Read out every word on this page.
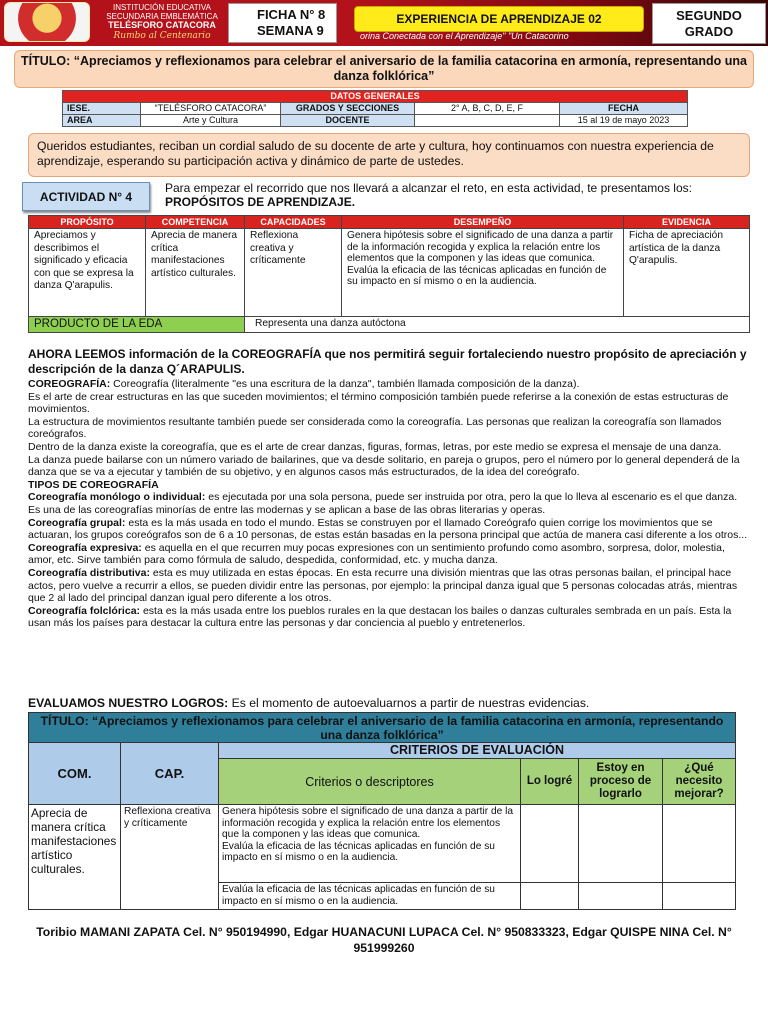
INSTITUCIÓN EDUCATIVA
SECUNDARIA EMBLEMÁTICA
TELÉSFORO CATACORA
Rumbo al Centenario
FICHA N° 8
SEMANA 9
EXPERIENCIA DE APRENDIZAJE 02
orina Conectada con el Aprendizaje" "Un Catacorino
SEGUNDO
GRADO
TÍTULO: “Apreciamos y reflexionamos para celebrar el aniversario de la familia catacorina en armonía, representando una danza folklórica”
DATOS GENERALES				
IESE.	“TELÉSFORO CATACORA”	GRADOS Y SECCIONES	2° A, B, C, D, E, F	FECHA
AREA	Arte y Cultura	DOCENTE		15 al 19 de mayo 2023
Queridos estudiantes, reciban un cordial saludo de su docente de arte y cultura, hoy continuamos con nuestra experiencia de aprendizaje, esperando su participación activa y dinámico de parte de ustedes.
ACTIVIDAD N° 4
Para empezar el recorrido que nos llevará a alcanzar el reto, en esta actividad, te presentamos los: PROPÓSITOS DE APRENDIZAJE.
PROPÓSITO	COMPETENCIA	CAPACIDADES	DESEMPEÑO	EVIDENCIA
Apreciamos y describimos el significado y eficacia con que se expresa la danza Q'arapulis.	Aprecia de manera crítica manifestaciones artístico culturales.	Reflexiona creativa y críticamente	Genera hipótesis sobre el significado de una danza a partir de la información recogida y explica la relación entre los elementos que la componen y las ideas que comunica.
Evalúa la eficacia de las técnicas aplicadas en función de su impacto en sí mismo o en la audiencia.	Ficha de apreciación artística de la danza Q'arapulis.
PRODUCTO DE LA EDA		Representa una danza autóctona		
AHORA LEEMOS información de la COREOGRAFÍA que nos permitirá seguir fortaleciendo nuestro propósito de apreciación y descripción de la danza Q´ARAPULIS.
COREOGRAFÍA: Coreografía (literalmente "es una escritura de la danza", también llamada composición de la danza).
Es el arte de crear estructuras en las que suceden movimientos; el término composición también puede referirse a la conexión de estas estructuras de movimientos.
La estructura de movimientos resultante también puede ser considerada como la coreografía. Las personas que realizan la coreografía son llamados coreógrafos.
Dentro de la danza existe la coreografía, que es el arte de crear danzas, figuras, formas, letras, por este medio se expresa el mensaje de una danza.
La danza puede bailarse con un número variado de bailarines, que va desde solitario, en pareja o grupos, pero el número por lo general dependerá de la danza que se va a ejecutar y también de su objetivo, y en algunos casos más estructurados, de la idea del coreógrafo.
TIPOS DE COREOGRAFÍA
Coreografía monólogo o individual: es ejecutada por una sola persona, puede ser instruida por otra, pero la que lo lleva al escenario es el que danza. Es una de las coreografías minorías de entre las modernas y se aplican a base de las obras literarias y operas.
Coreografía grupal: esta es la más usada en todo el mundo. Estas se construyen por el llamado Coreógrafo quien corrige los movimientos que se actuaran, los grupos coreógrafos son de 6 a 10 personas, de estas están basadas en la persona principal que actúa de manera casi diferente a los otros...
Coreografía expresiva: es aquella en el que recurren muy pocas expresiones con un sentimiento profundo como asombro, sorpresa, dolor, molestia, amor, etc. Sirve también para como fórmula de saludo, despedida, conformidad, etc. y mucha danza.
Coreografía distributiva: esta es muy utilizada en estas épocas. En esta recurre una división mientras que las otras personas bailan, el principal hace actos, pero vuelve a recurrir a ellos, se pueden dividir entre las personas, por ejemplo: la principal danza igual que 5 personas colocadas atrás, mientras que 2 al lado del principal danzan igual pero diferente a los otros.
Coreografía folclórica: esta es la más usada entre los pueblos rurales en la que destacan los bailes o danzas culturales sembrada en un país. Esta la usan más los países para destacar la cultura entre las personas y dar conciencia al pueblo y entretenerlos.
EVALUAMOS NUESTRO LOGROS: Es el momento de autoevaluarnos a partir de nuestras evidencias.
TÍTULO: “Apreciamos y reflexionamos para celebrar el aniversario de la familia catacorina en armonía, representando una danza folklórica”					
COM.	CAP.	CRITERIOS DE EVALUACIÓN			
		Criterios o descriptores	Lo logré	Estoy en proceso de lograrlo	¿Qué necesito mejorar?
Aprecia de manera crítica manifestaciones artístico culturales.	Reflexiona creativa y críticamente	Genera hipótesis sobre el significado de una danza a partir de la información recogida y explica la relación entre los elementos que la componen y las ideas que comunica.
Evalúa la eficacia de las técnicas aplicadas en función de su impacto en sí mismo o en la audiencia.			

		Evalúa la eficacia de las técnicas aplicadas en función de su impacto en sí mismo o en la audiencia.			
Toribio MAMANI ZAPATA Cel. N° 950194990, Edgar HUANACUNI LUPACA Cel. N° 950833323, Edgar QUISPE NINA Cel. N° 951999260
